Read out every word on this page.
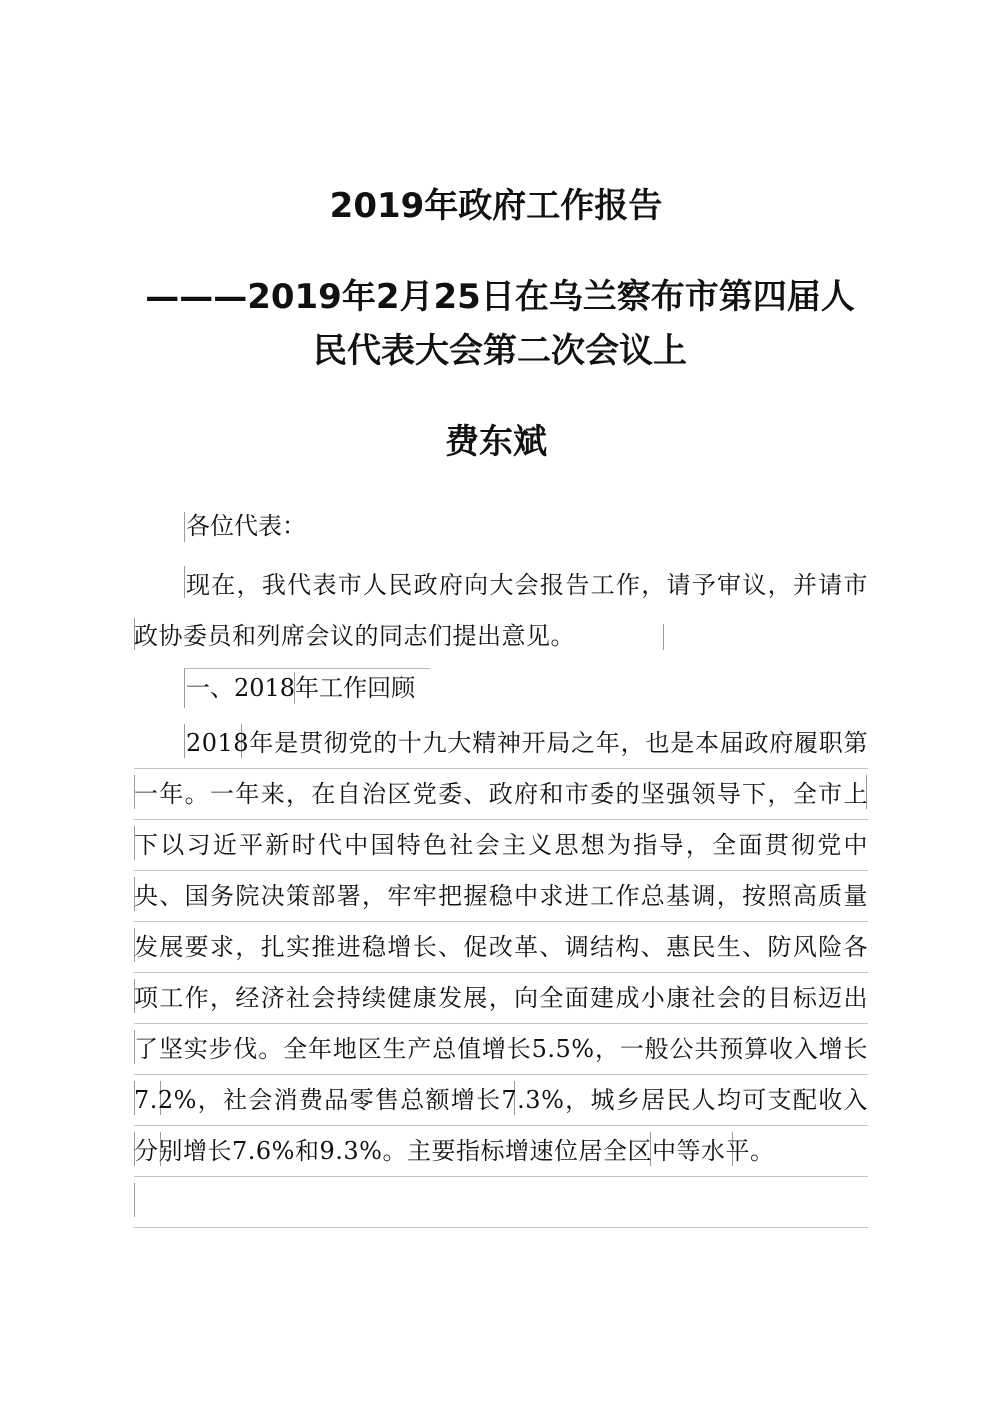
2019年政府工作报告
———2019年2月25日在乌兰察布市第四届人民代表大会第二次会议上
费东斌

各位代表：

现在，我代表市人民政府向大会报告工作，请予审议，并请市政协委员和列席会议的同志们提出意见。

一、2018年工作回顾

2018年是贯彻党的十九大精神开局之年，也是本届政府履职第一年。一年来，在自治区党委、政府和市委的坚强领导下，全市上下以习近平新时代中国特色社会主义思想为指导，全面贯彻党中央、国务院决策部署，牢牢把握稳中求进工作总基调，按照高质量发展要求，扎实推进稳增长、促改革、调结构、惠民生、防风险各项工作，经济社会持续健康发展，向全面建成小康社会的目标迈出了坚实步伐。全年地区生产总值增长5.5%，一般公共预算收入增长7.2%，社会消费品零售总额增长7.3%，城乡居民人均可支配收入分别增长7.6%和9.3%。主要指标增速位居全区中等水平。
